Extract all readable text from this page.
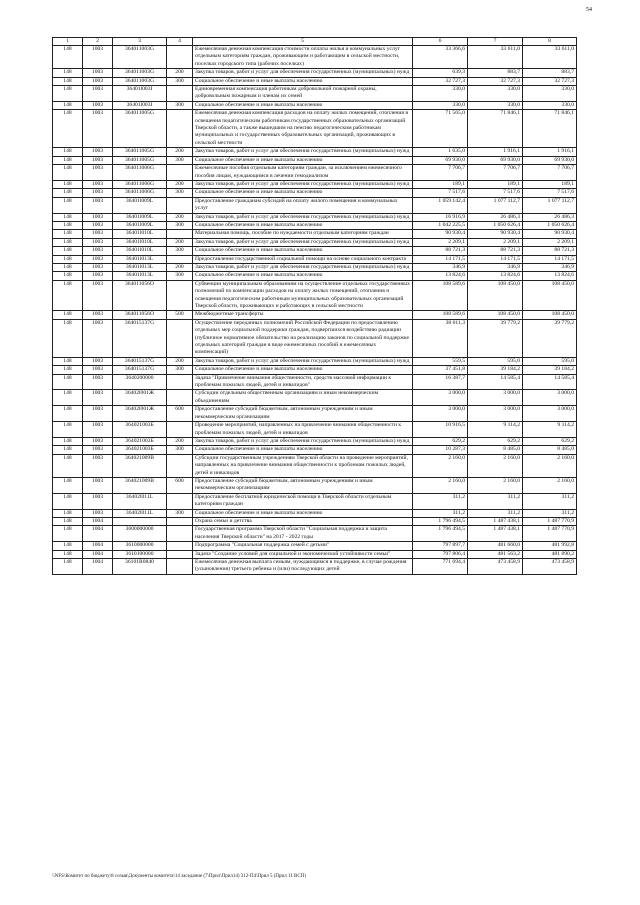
54
1	2	3	4	5	6	7	8
148	1003	364011003G		Ежемесячная денежная компенсация стоимости оплаты жилья и коммунальных услуг отдельным категориям граждан, проживающим и работающим в сельской местности, поселках городского типа (рабочих поселках)	33 366,6	33 611,0	33 611,0
148	1003	364011003G	200	Закупка товаров, работ и услуг для обеспечения государственных (муниципальных) нужд	639,3	883,7	883,7
148	1003	364011003G	300	Социальное обеспечение и иные выплаты населению	32 727,3	32 727,3	32 727,3
148	1003	36401l003I		Единовременная компенсация работникам добровольной пожарной охраны, добровольным пожарным и членам их семей	330,0	330,0	330,0
148	1003	36401l003I	300	Социальное обеспечение и иные выплаты населению	330,0	330,0	330,0
148	1003	364011005G		Ежемесячная денежная компенсация расходов на оплату жилых помещений, отопления и освещения педагогическим работникам государственных образовательных организаций Тверской области, а также вышедшим на пенсию педагогическим работникам муниципальных и государственных образовательных организаций, проживающих в сельской местности	71 565,0	71 846,1	71 846,1
148	1003	364011005G	200	Закупка товаров, работ и услуг для обеспечения государственных (муниципальных) нужд	1 635,0	1 916,1	1 916,1
148	1003	364011005G	300	Социальное обеспечение и иные выплаты населению	69 930,0	69 930,0	69 930,0
148	1003	364011006G		Ежемесячные пособия отдельным категориям граждан, за исключением ежемесячного пособия лицам, нуждающимся в лечении гемодиализом	7 706,7	7 706,7	7 706,7
148	1003	364011006G	200	Закупка товаров, работ и услуг для обеспечения государственных (муниципальных) нужд	189,1	189,1	189,1
148	1003	364011006G	300	Социальное обеспечение и иные выплаты населению	7 517,6	7 517,6	7 517,6
148	1003	36401l009L		Предоставление гражданам субсидий на оплату жилого помещения и коммунальных услуг	1 059 142,4	1 077 112,7	1 077 112,7
148	1003	36401l009L	200	Закупка товаров, работ и услуг для обеспечения государственных (муниципальных) нужд	16 916,9	26 486,3	26 486,3
148	1003	36401l009L	300	Социальное обеспечение и иные выплаты населению	1 042 225,5	1 050 626,4	1 050 626,4
148	1003	36401l010L		Материальная помощь, пособие по нуждаемости отдельным категориям граждан	90 930,4	90 930,4	90 930,4
148	1003	36401l010L	200	Закупка товаров, работ и услуг для обеспечения государственных (муниципальных) нужд	2 209,1	2 209,1	2 209,1
148	1003	36401l010L	300	Социальное обеспечение и иные выплаты населению	88 721,3	88 721,3	88 721,3
148	1003	36401l013L		Предоставление государственной социальной помощи на основе социального контракта	14 171,5	14 171,5	14 171,5
148	1003	36401l013L	200	Закупка товаров, работ и услуг для обеспечения государственных (муниципальных) нужд	346,9	346,9	346,9
148	1003	36401l013L	300	Социальное обеспечение и иные выплаты населению	13 824,6	13 824,6	13 824,6
148	1003	364011056O		Субвенции муниципальным образованиям на осуществление отдельных государственных полномочий по компенсации расходов на оплату жилых помещений, отопления и освещения педагогическим работникам муниципальных образовательных организаций Тверской области, проживающих и работающих в сельской местности	108 589,6	108 450,0	108 450,0
148	1003	364011056O	500	Межбюджетные трансферты	108 589,6	108 450,0	108 450,0
148	1003	364015137G		Осуществление переданных полномочий Российской Федерации по предоставлению отдельных мер социальной поддержки граждан, подвергшихся воздействию радиации (публичное нормативное обязательство на реализацию законов по социальной поддержке отдельных категорий граждан в виде ежемесячных пособий и ежемесячных компенсаций)	38 011,3	39 779,2	39 779,2
148	1003	364015137G	200	Закупка товаров, работ и услуг для обеспечения государственных (муниципальных) нужд	559,5	595,0	595,0
148	1003	364015137G	300	Социальное обеспечение и иные выплаты населению	37 451,8	39 184,2	39 184,2
148	1003	3640200000		Задача "Привлечение внимания общественности, средств массовой информации к проблемам пожилых людей, детей и инвалидов"	16 387,7	14 585,4	14 585,4
148	1003	36402l001Ж		Субсидии отдельным общественным организациям и иным некоммерческим объединениям	3 000,0	3 000,0	3 000,0
148	1003	36402l001Ж	600	Предоставление субсидий бюджетным, автономным учреждениям и иным некоммерческим организациям	3 000,0	3 000,0	3 000,0
148	1003	364021003Б		Проведение мероприятий, направленных на привлечение внимания общественности к проблемам пожилых людей, детей и инвалидов	10 916,5	9 114,2	9 114,2
148	1003	364021003Б	200	Закупка товаров, работ и услуг для обеспечения государственных (муниципальных) нужд	629,2	629,2	629,2
148	1003	364021003Б	300	Социальное обеспечение и иные выплаты населению	10 287,3	8 485,0	8 485,0
148	1003	364021009В		Субсидии государственным учреждениям Тверской области на проведение мероприятий, направленных на привлечение внимания общественности к проблемам пожилых людей, детей и инвалидов	2 160,0	2 160,0	2 160,0
148	1003	364021009В	600	Предоставление субсидий бюджетным, автономным учреждениям и иным некоммерческим организациям	2 160,0	2 160,0	2 160,0
148	1003	36402l011L		Предоставление бесплатной юридической помощи в Тверской области отдельным категориям граждан	311,2	311,2	311,2
148	1003	36402l011L	300	Социальное обеспечение и иные выплаты населению	311,2	311,2	311,2
148	1004			Охрана семьи и детства	1 796 494,5	1 487 438,1	1 487 770,9
148	1004	3600000000		Государственная программа Тверской области "Социальная поддержка и защита населения Тверской области" на 2017 - 2022 годы	1 796 494,5	1 487 438,1	1 487 770,9
148	1004	3610000000		Подпрограмма "Социальная поддержка семей с детьми"	797 897,7	481 660,0	481 992,8
148	1004	3610100000		Задача "Создание условий для социальной и экономической устойчивости семьи"	797 806,4	481 563,2	481 890,2
148	1004	36101R0840		Ежемесячная денежная выплата семьям, нуждающимся в поддержке, в случае рождения (усыновления) третьего ребенка и (или) последующих детей	771 694,4	473 458,9	473 458,9
\\NFS\Комитет по бюджету\8 созыв\Документы комитета\14 заседание (7\Прил\Прил14) 312-П4\Прил 5 (Прил 11 ВСП)
